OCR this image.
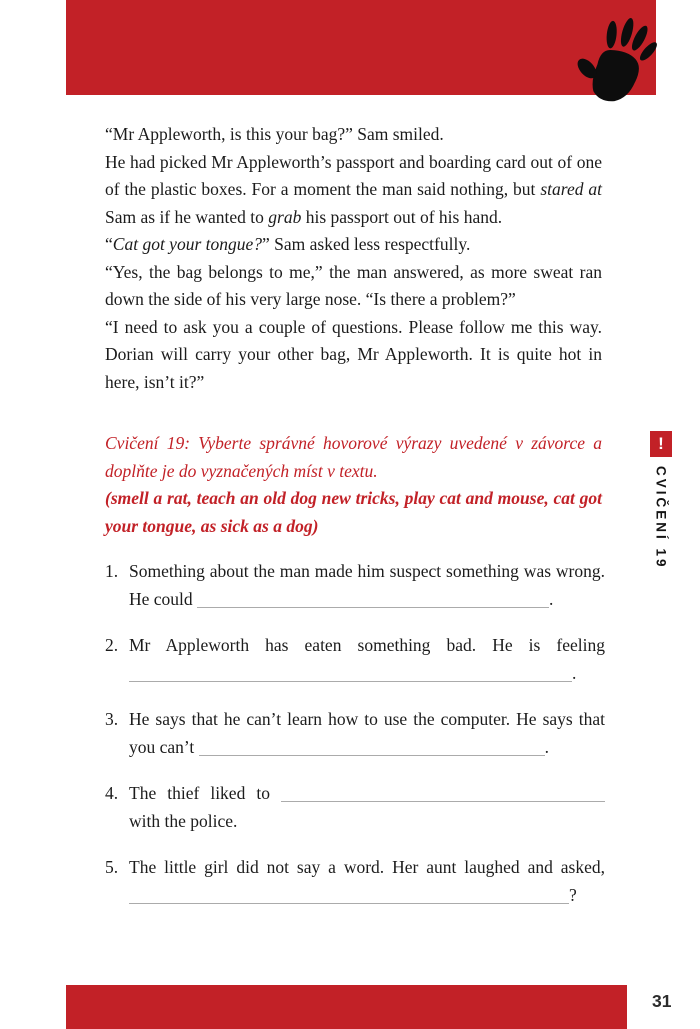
“Mr Appleworth, is this your bag?” Sam smiled.

He had picked Mr Appleworth’s passport and boarding card out of one of the plastic boxes. For a moment the man said nothing, but stared at Sam as if he wanted to grab his passport out of his hand.

“Cat got your tongue?” Sam asked less respectfully.

“Yes, the bag belongs to me,” the man answered, as more sweat ran down the side of his very large nose. “Is there a problem?”

“I need to ask you a couple of questions. Please follow me this way. Dorian will carry your other bag, Mr Appleworth. It is quite hot in here, isn’t it?”

Cvičení 19: Vyberte správné hovorové výrazy uvedené v závorce a doplňte je do vyznačených míst v textu.
(smell a rat, teach an old dog new tricks, play cat and mouse, cat got your tongue, as sick as a dog)
1. Something about the man made him suspect something was wrong. He could	.
2. Mr Appleworth has eaten something bad. He is feeling .
3. He says that he can’t learn how to use the computer. He says that you can’t	.
4. The thief liked to  with the police.
5. The little girl did not say a word. Her aunt laughed and asked, ?
!
CVIČENÍ 19
31
